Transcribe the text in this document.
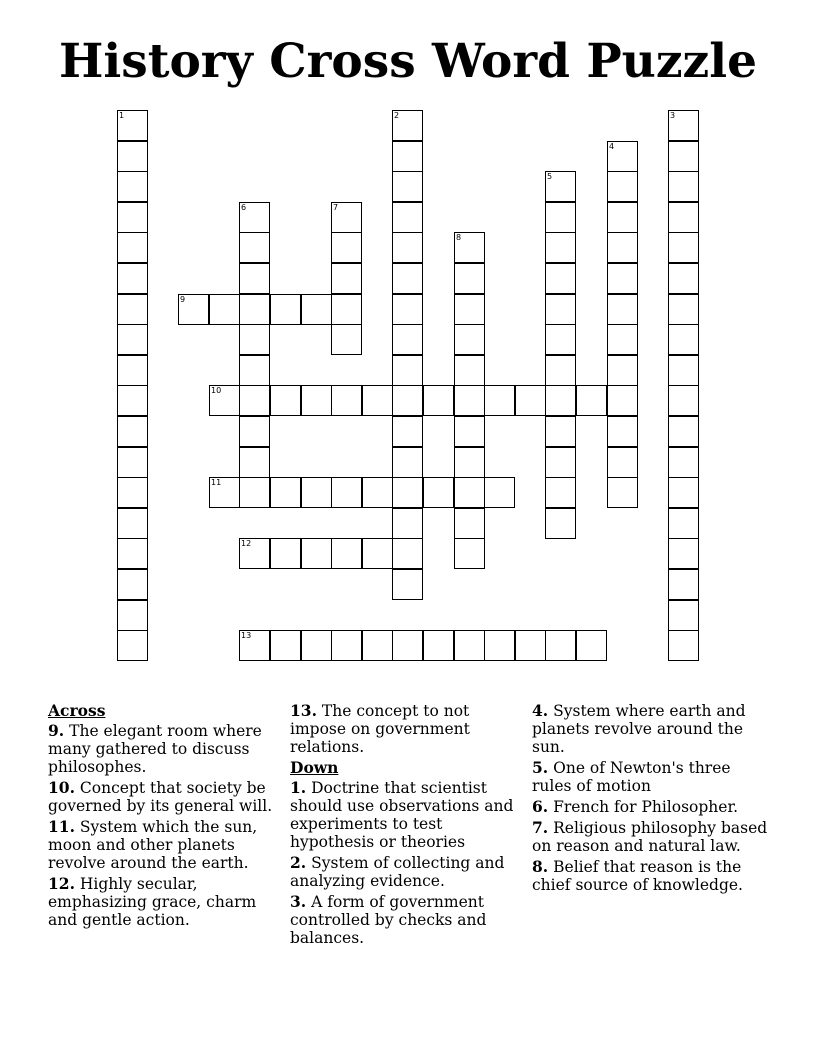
History Cross Word Puzzle
1	2	3
4
5
6	7
8
9
10
11
12
13
Across

9. The elegant room where many gathered to discuss philosophes.

10. Concept that society be governed by its general will.

11. System which the sun, moon and other planets revolve around the earth.

12. Highly secular, emphasizing grace, charm and gentle action.

13. The concept to not impose on government relations.

Down

1. Doctrine that scientist should use observations and experiments to test hypothesis or theories

2. System of collecting and analyzing evidence.

3. A form of government controlled by checks and balances.

4. System where earth and planets revolve around the sun.

5. One of Newton's three rules of motion

6. French for Philosopher.

7. Religious philosophy based on reason and natural law.

8. Belief that reason is the chief source of knowledge.
